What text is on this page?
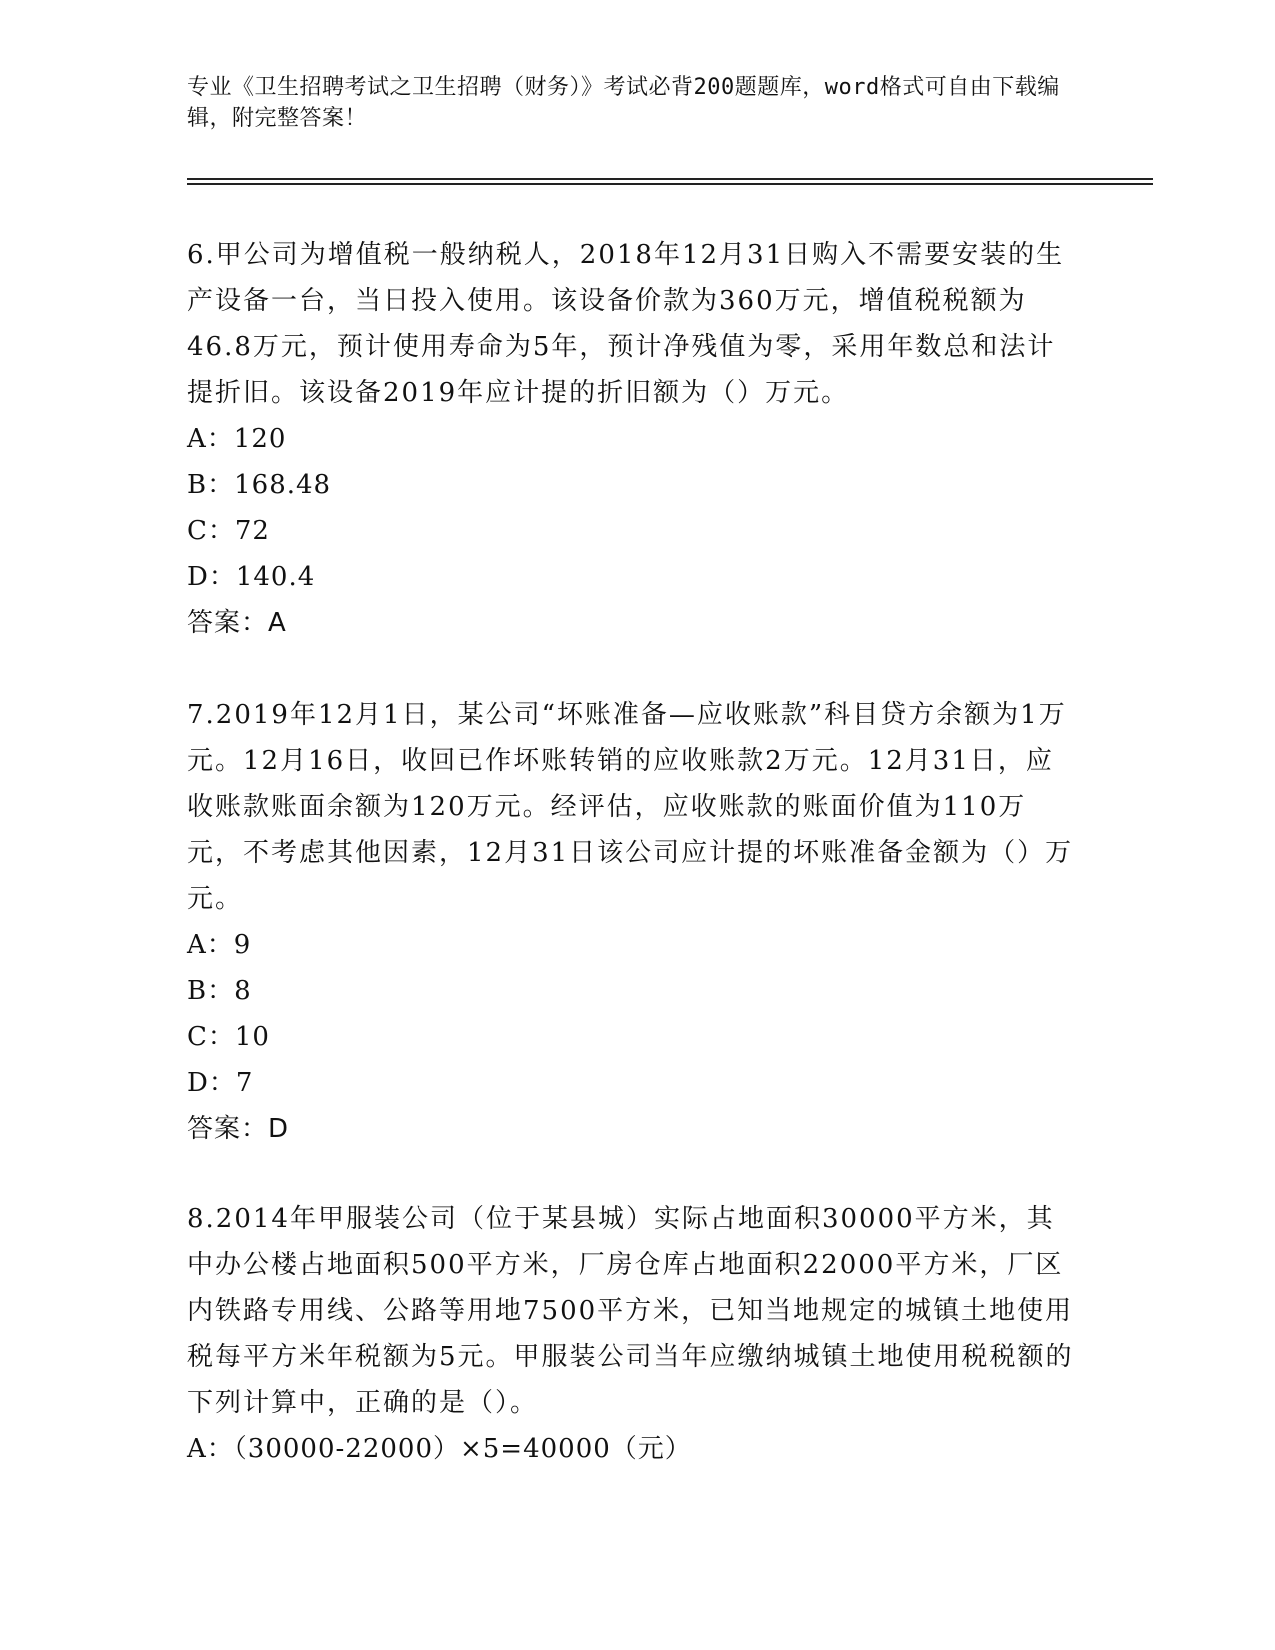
专业《卫生招聘考试之卫生招聘（财务）》考试必背200题题库，word格式可自由下载编辑，附完整答案！
6.甲公司为增值税一般纳税人，2018年12月31日购入不需要安装的生产设备一台，当日投入使用。该设备价款为360万元，增值税税额为46.8万元，预计使用寿命为5年，预计净残值为零，采用年数总和法计提折旧。该设备2019年应计提的折旧额为（）万元。
A：120
B：168.48
C：72
D：140.4
答案：A
7.2019年12月1日，某公司“坏账准备—应收账款”科目贷方余额为1万元。12月16日，收回已作坏账转销的应收账款2万元。12月31日，应收账款账面余额为120万元。经评估，应收账款的账面价值为110万元，不考虑其他因素，12月31日该公司应计提的坏账准备金额为（）万元。
A：9
B：8
C：10
D：7
答案：D
8.2014年甲服装公司（位于某县城）实际占地面积30000平方米，其中办公楼占地面积500平方米，厂房仓库占地面积22000平方米，厂区内铁路专用线、公路等用地7500平方米，已知当地规定的城镇土地使用税每平方米年税额为5元。甲服装公司当年应缴纳城镇土地使用税税额的下列计算中，正确的是（）。
A：（30000-22000）×5=40000（元）
